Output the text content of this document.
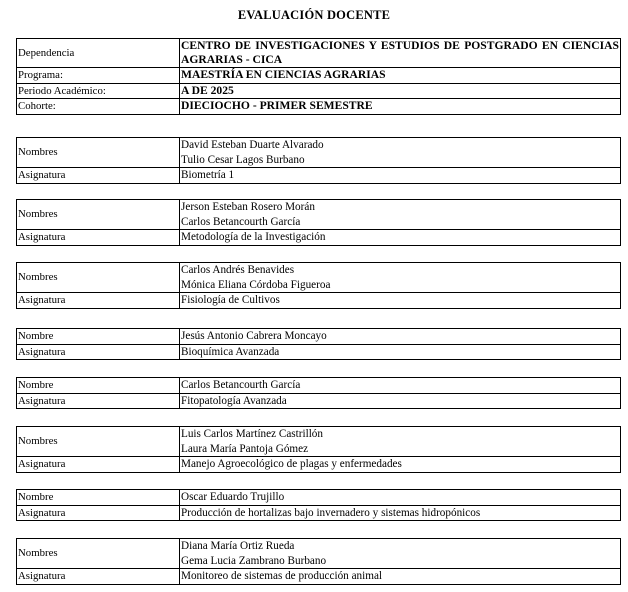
EVALUACIÓN DOCENTE
Dependencia	CENTRO DE INVESTIGACIONES Y ESTUDIOS DE POSTGRADO EN CIENCIAS AGRARIAS - CICA
Programa:	MAESTRÍA EN CIENCIAS AGRARIAS
Periodo Académico:	A DE 2025
Cohorte:	DIECIOCHO - PRIMER SEMESTRE
Nombres	David Esteban Duarte Alvarado
Tulio Cesar Lagos Burbano

Asignatura	Biometría 1
Nombres	Jerson Esteban Rosero Morán
Carlos Betancourth García

Asignatura	Metodología de la Investigación
Nombres	Carlos Andrés Benavides
Mónica Eliana Córdoba Figueroa

Asignatura	Fisiología de Cultivos
Nombre	Jesús Antonio Cabrera Moncayo

Asignatura	Bioquímica Avanzada
Nombre	Carlos Betancourth García

Asignatura	Fitopatología Avanzada
Nombres	Luis Carlos Martínez Castrillón
Laura María Pantoja Gómez

Asignatura	Manejo Agroecológico de plagas y enfermedades
Nombre	Oscar Eduardo Trujillo

Asignatura	Producción de hortalizas bajo invernadero y sistemas hidropónicos
Nombres	Diana María Ortiz Rueda
Gema Lucia Zambrano Burbano

Asignatura	Monitoreo de sistemas de producción animal
